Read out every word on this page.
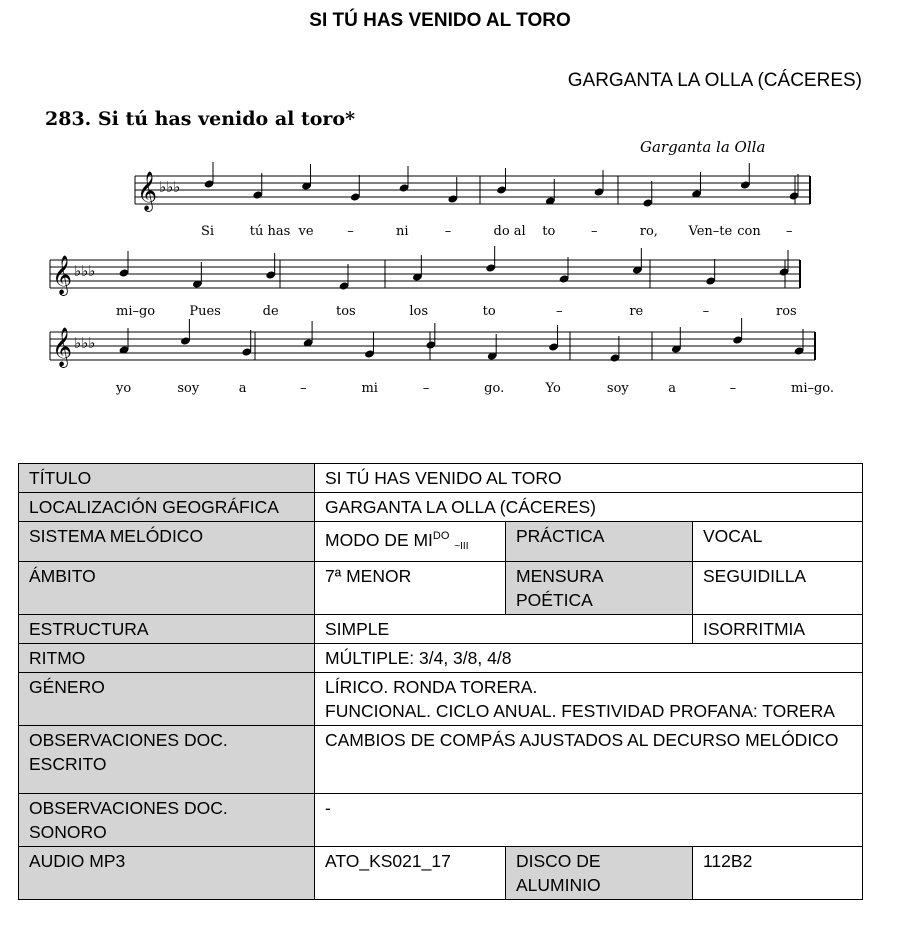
SI TÚ HAS VENIDO AL TORO
GARGANTA LA OLLA (CÁCERES)
283. Si tú has venido al toro*
Garganta la Olla
𝄞 ♭♭♭
𝄞 ♭♭♭
𝄞 ♭♭♭
Si	tú has ve	–	ni	–	do al to	–	ro, Ven–te con –
mi–go	Pues	de	tos	los	to	–	re	–	ros
yo	soy	a	–	mi	–	go.	Yo	soy	a	–	mi–go.
TÍTULO	SI TÚ HAS VENIDO AL TORO		
LOCALIZACIÓN GEOGRÁFICA	GARGANTA LA OLLA (CÁCERES)		
SISTEMA MELÓDICO	MODO DE $MI^{DO}$ $_{\sim III}$	PRÁCTICA	VOCAL
ÁMBITO	7ª MENOR	MENSURA POÉTICA	SEGUIDILLA
ESTRUCTURA	SIMPLE		ISORRITMIA
RITMO	MÚLTIPLE: 3/4, 3/8, 4/8		
GÉNERO	LÍRICO. RONDA TORERA.
FUNCIONAL. CICLO ANUAL. FESTIVIDAD PROFANA: TORERA		

OBSERVACIONES DOC. ESCRITO	CAMBIOS DE COMPÁS AJUSTADOS AL DECURSO MELÓDICO		
OBSERVACIONES DOC. SONORO	-		
AUDIO MP3	ATO_KS021_17	DISCO DE ALUMINIO	112B2
